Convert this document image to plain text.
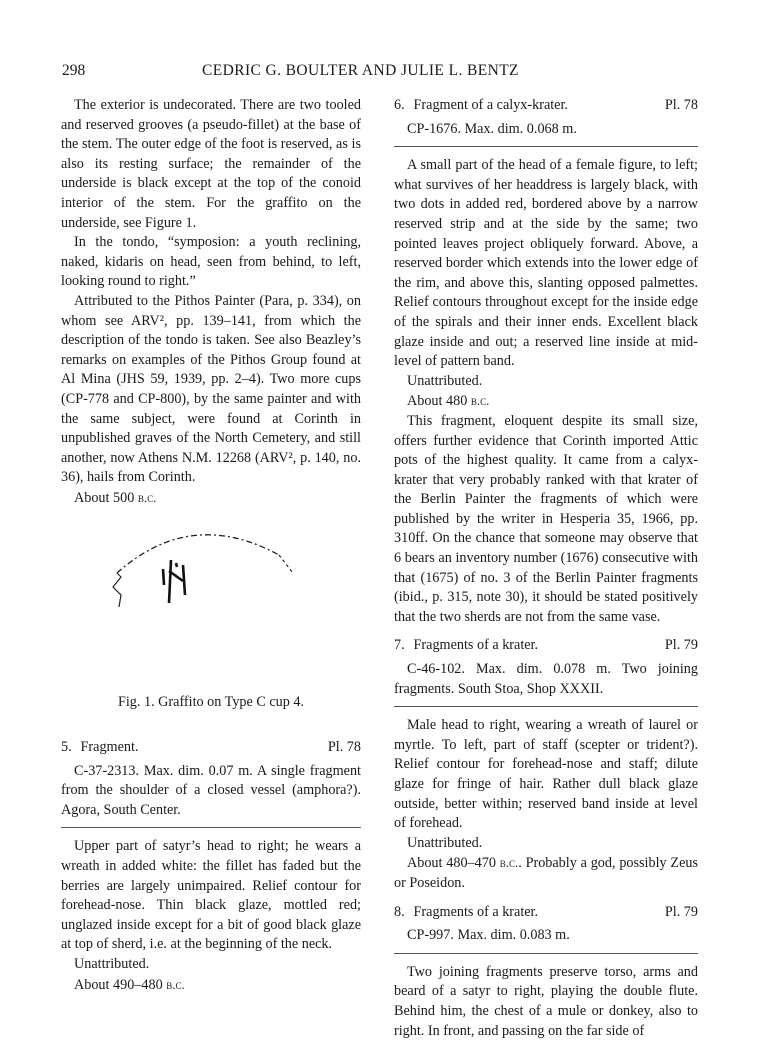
298	CEDRIC G. BOULTER AND JULIE L. BENTZ

The exterior is undecorated. There are two tooled and reserved grooves (a pseudo-fillet) at the base of the stem. The outer edge of the foot is reserved, as is also its resting surface; the remainder of the underside is black except at the top of the conoid interior of the stem. For the graffito on the underside, see Figure 1.

In the tondo, “symposion: a youth reclining, naked, kidaris on head, seen from behind, to left, looking round to right.”

Attributed to the Pithos Painter (Para, p. 334), on whom see ARV², pp. 139–141, from which the description of the tondo is taken. See also Beazley’s remarks on examples of the Pithos Group found at Al Mina (JHS 59, 1939, pp. 2–4). Two more cups (CP-778 and CP-800), by the same painter and with the same subject, were found at Corinth in unpublished graves of the North Cemetery, and still another, now Athens N.M. 12268 (ARV², p. 140, no. 36), hails from Corinth.

About 500 b.c.

Fig. 1. Graffito on Type C cup 4.
5. Fragment.	Pl. 78

C-37-2313. Max. dim. 0.07 m. A single fragment from the shoulder of a closed vessel (amphora?). Agora, South Center.

Upper part of satyr’s head to right; he wears a wreath in added white: the fillet has faded but the berries are largely unimpaired. Relief contour for forehead-nose. Thin black glaze, mottled red; unglazed inside except for a bit of good black glaze at top of sherd, i.e. at the beginning of the neck.

Unattributed.

About 490–480 b.c.

6. Fragment of a calyx-krater.	Pl. 78

CP-1676. Max. dim. 0.068 m.

A small part of the head of a female figure, to left; what survives of her headdress is largely black, with two dots in added red, bordered above by a narrow reserved strip and at the side by the same; two pointed leaves project obliquely forward. Above, a reserved border which extends into the lower edge of the rim, and above this, slanting opposed palmettes. Relief contours throughout except for the inside edge of the spirals and their inner ends. Excellent black glaze inside and out; a reserved line inside at mid-level of pattern band.

Unattributed.

About 480 b.c.

This fragment, eloquent despite its small size, offers further evidence that Corinth imported Attic pots of the highest quality. It came from a calyx-krater that very probably ranked with that krater of the Berlin Painter the fragments of which were published by the writer in Hesperia 35, 1966, pp. 310ff. On the chance that someone may observe that 6 bears an inventory number (1676) consecutive with that (1675) of no. 3 of the Berlin Painter fragments (ibid., p. 315, note 30), it should be stated positively that the two sherds are not from the same vase.

7. Fragments of a krater.	Pl. 79

C-46-102. Max. dim. 0.078 m. Two joining fragments. South Stoa, Shop XXXII.

Male head to right, wearing a wreath of laurel or myrtle. To left, part of staff (scepter or trident?). Relief contour for forehead-nose and staff; dilute glaze for fringe of hair. Rather dull black glaze outside, better within; reserved band inside at level of forehead.

Unattributed.

About 480–470 b.c.. Probably a god, possibly Zeus or Poseidon.

8. Fragments of a krater.	Pl. 79

CP-997. Max. dim. 0.083 m.

Two joining fragments preserve torso, arms and beard of a satyr to right, playing the double flute. Behind him, the chest of a mule or donkey, also to right. In front, and passing on the far side of
